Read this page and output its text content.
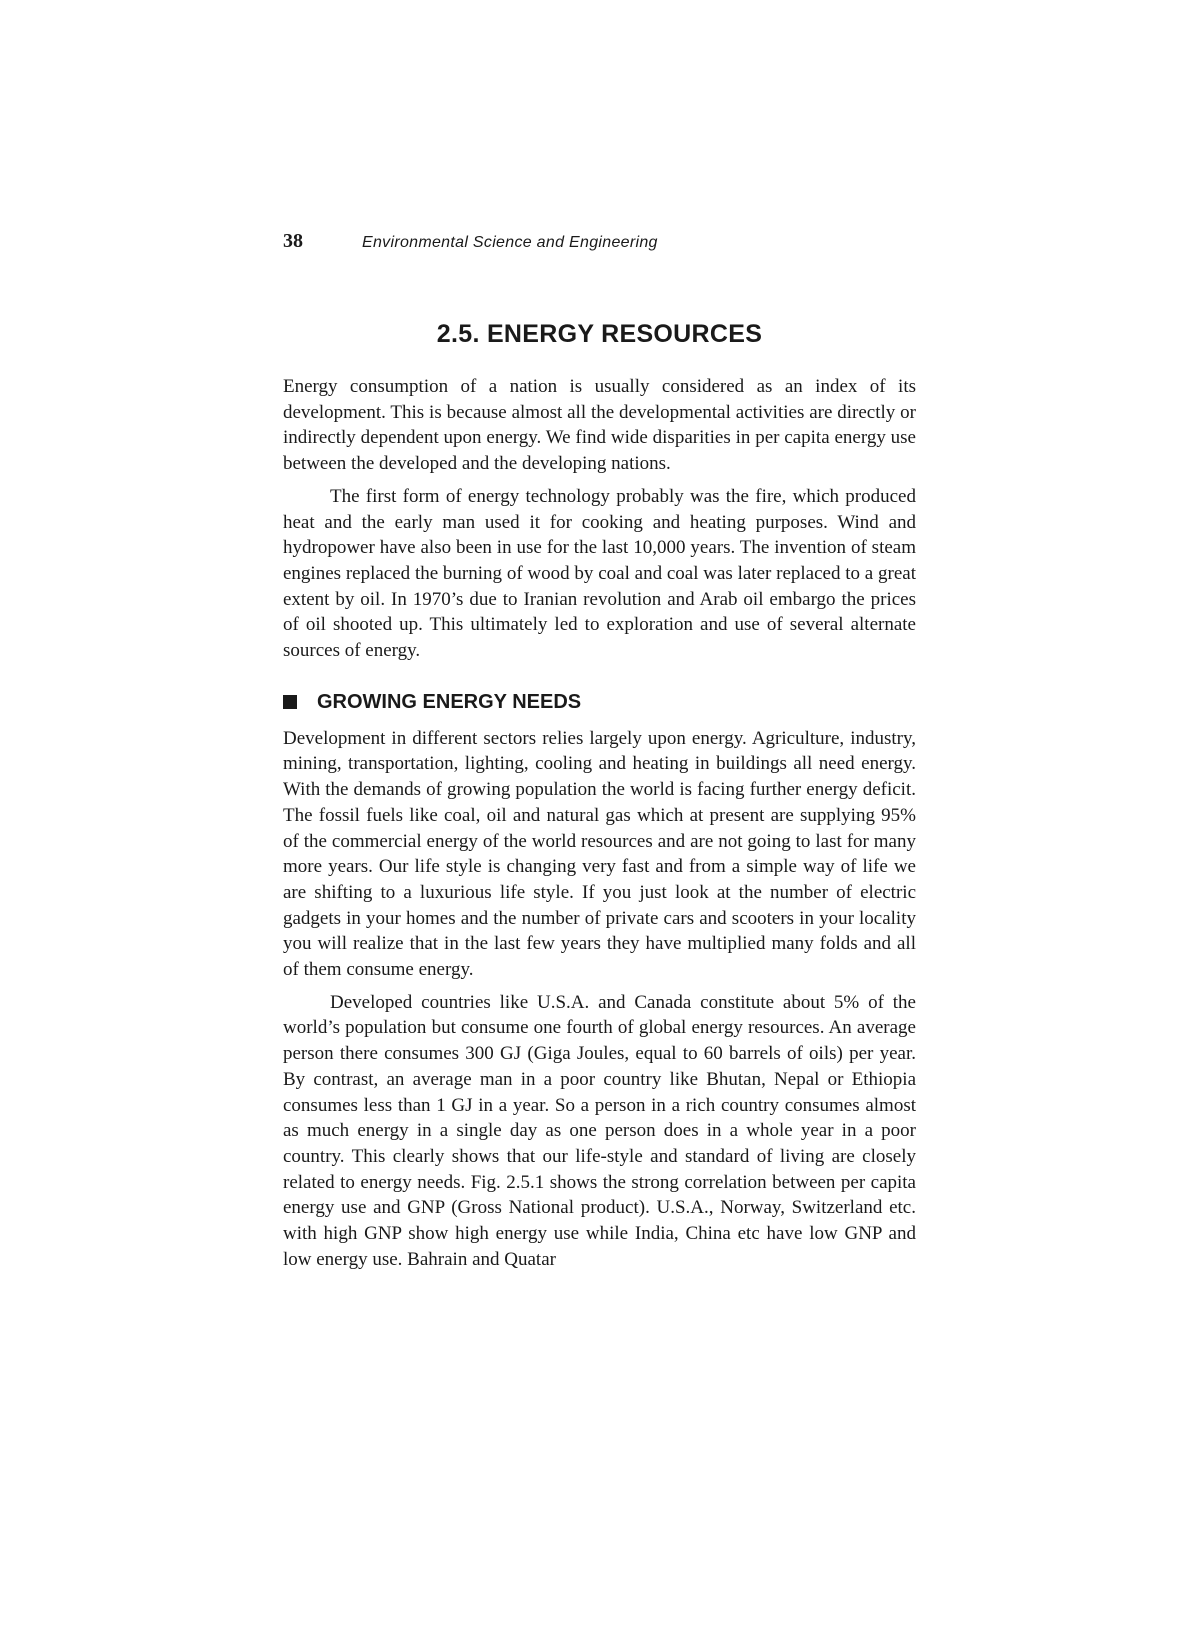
38	Environmental Science and Engineering
2.5. ENERGY RESOURCES

Energy consumption of a nation is usually considered as an index of its development. This is because almost all the developmental activities are directly or indirectly dependent upon energy. We find wide disparities in per capita energy use between the developed and the developing nations.

The first form of energy technology probably was the fire, which produced heat and the early man used it for cooking and heating purposes. Wind and hydropower have also been in use for the last 10,000 years. The invention of steam engines replaced the burning of wood by coal and coal was later replaced to a great extent by oil. In 1970’s due to Iranian revolution and Arab oil embargo the prices of oil shooted up. This ultimately led to exploration and use of several alternate sources of energy.

GROWING ENERGY NEEDS

Development in different sectors relies largely upon energy. Agriculture, industry, mining, transportation, lighting, cooling and heating in buildings all need energy. With the demands of growing population the world is facing further energy deficit. The fossil fuels like coal, oil and natural gas which at present are supplying 95% of the commercial energy of the world resources and are not going to last for many more years. Our life style is changing very fast and from a simple way of life we are shifting to a luxurious life style. If you just look at the number of electric gadgets in your homes and the number of private cars and scooters in your locality you will realize that in the last few years they have multiplied many folds and all of them consume energy.

Developed countries like U.S.A. and Canada constitute about 5% of the world’s population but consume one fourth of global energy resources. An average person there consumes 300 GJ (Giga Joules, equal to 60 barrels of oils) per year. By contrast, an average man in a poor country like Bhutan, Nepal or Ethiopia consumes less than 1 GJ in a year. So a person in a rich country consumes almost as much energy in a single day as one person does in a whole year in a poor country. This clearly shows that our life-style and standard of living are closely related to energy needs. Fig. 2.5.1 shows the strong correlation between per capita energy use and GNP (Gross National product). U.S.A., Norway, Switzerland etc. with high GNP show high energy use while India, China etc have low GNP and low energy use. Bahrain and Quatar
